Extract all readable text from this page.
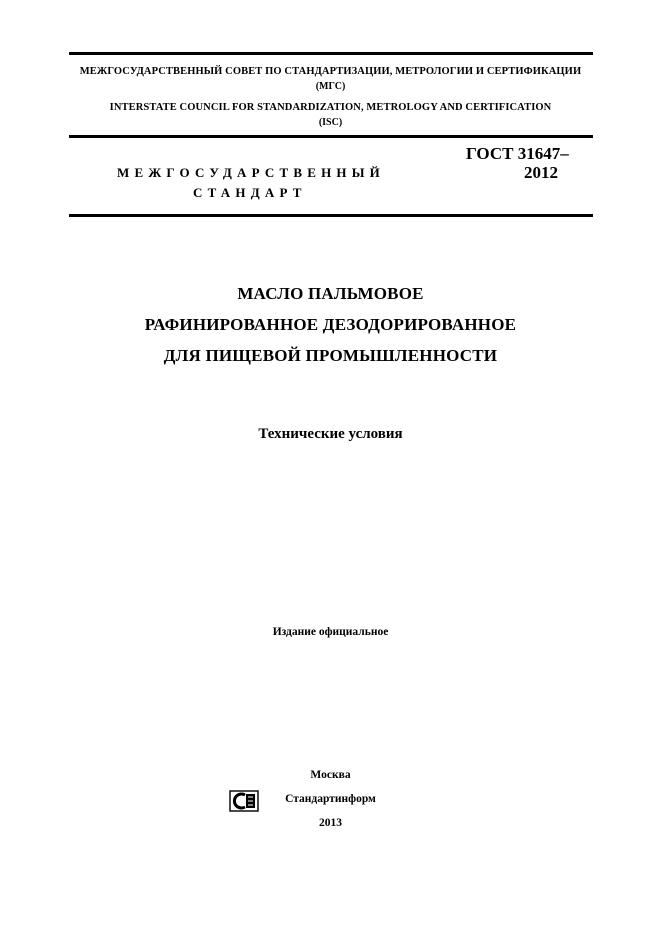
МЕЖГОСУДАРСТВЕННЫЙ СОВЕТ ПО СТАНДАРТИЗАЦИИ, МЕТРОЛОГИИ И СЕРТИФИКАЦИИ
(МГС)
INTERSTATE COUNCIL FOR STANDARDIZATION, METROLOGY AND CERTIFICATION
(ISC)
МЕЖГОСУДАРСТВЕННЫЙ
СТАНДАРТ
ГОСТ 31647–
2012
МАСЛО ПАЛЬМОВОЕ
РАФИНИРОВАННОЕ ДЕЗОДОРИРОВАННОЕ
ДЛЯ ПИЩЕВОЙ ПРОМЫШЛЕННОСТИ
Технические условия
Издание официальное
Москва
Стандартинформ
2013
